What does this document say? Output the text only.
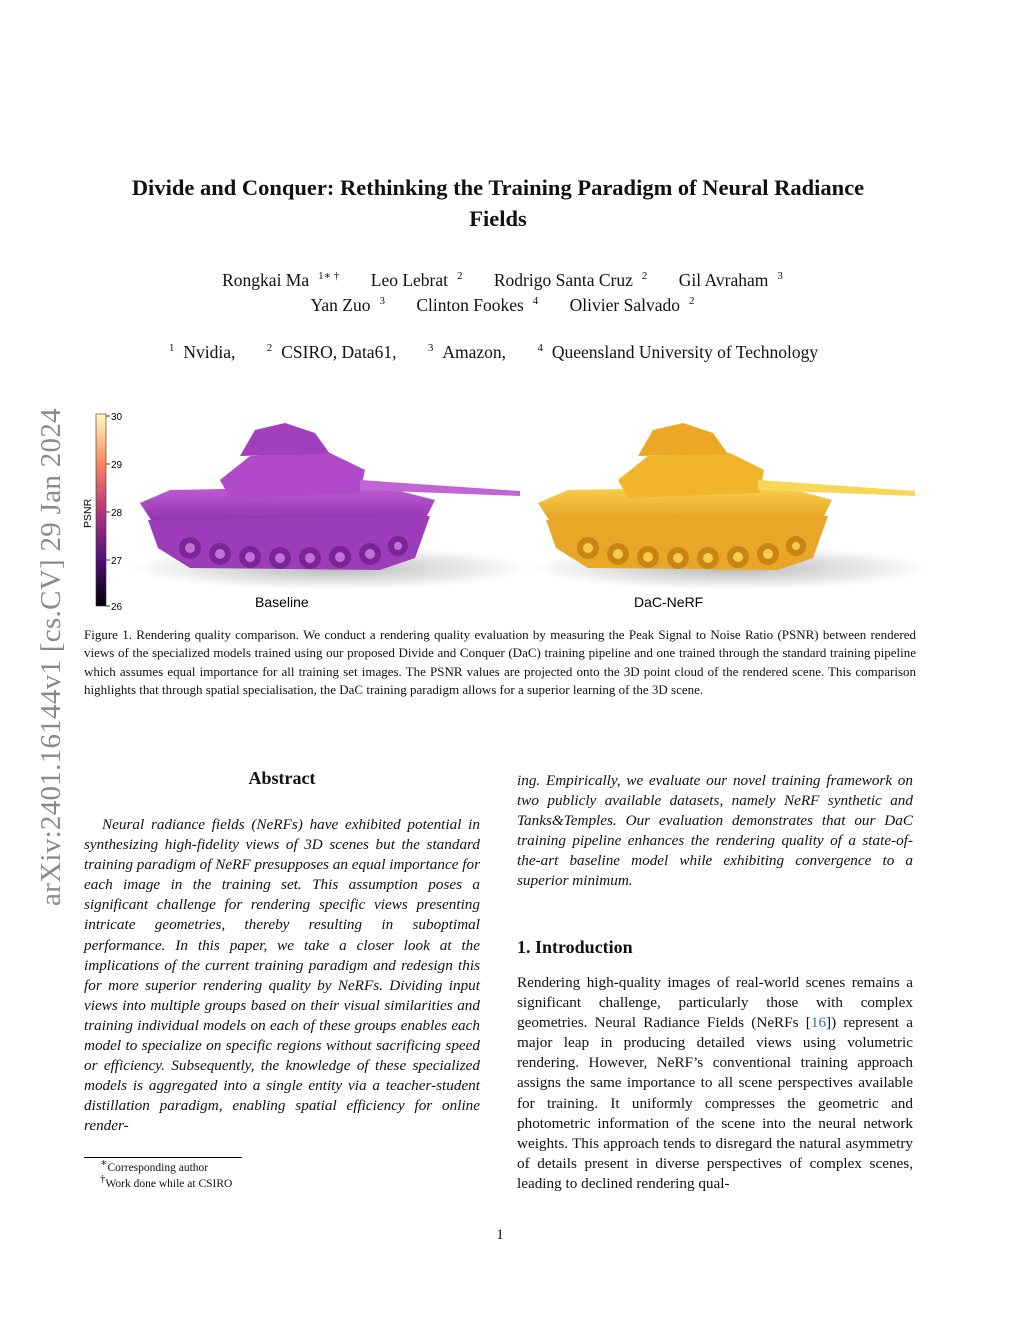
arXiv:2401.16144v1 [cs.CV] 29 Jan 2024
Divide and Conquer: Rethinking the Training Paradigm of Neural Radiance
Fields
Rongkai Ma $^{1∗ \dagger}$ Leo Lebrat $^2$ Rodrigo Santa Cruz $^2$ Gil Avraham $^3$
Yan Zuo $^3$ Clinton Fookes $^4$ Olivier Salvado $^2$
$^1$ Nvidia,	$^2$ CSIRO, Data61,	$^3$ Amazon,	$^4$ Queensland University of Technology
30
29
28
27
26
PSNR
Baseline	DaC-NeRF
Figure 1. Rendering quality comparison. We conduct a rendering quality evaluation by measuring the Peak Signal to Noise Ratio (PSNR) between rendered views of the specialized models trained using our proposed Divide and Conquer (DaC) training pipeline and one trained through the standard training pipeline which assumes equal importance for all training set images. The PSNR values are projected onto the 3D point cloud of the rendered scene. This comparison highlights that through spatial specialisation, the DaC training paradigm allows for a superior learning of the 3D scene.
Abstract
Neural radiance fields (NeRFs) have exhibited potential in synthesizing high-fidelity views of 3D scenes but the standard training paradigm of NeRF presupposes an equal importance for each image in the training set. This assumption poses a significant challenge for rendering specific views presenting intricate geometries, thereby resulting in suboptimal performance. In this paper, we take a closer look at the implications of the current training paradigm and redesign this for more superior rendering quality by NeRFs. Dividing input views into multiple groups based on their visual similarities and training individual models on each of these groups enables each model to specialize on specific regions without sacrificing speed or efficiency. Subsequently, the knowledge of these specialized models is aggregated into a single entity via a teacher-student distillation paradigm, enabling spatial efficiency for online render-
ing. Empirically, we evaluate our novel training framework on two publicly available datasets, namely NeRF synthetic and Tanks&Temples. Our evaluation demonstrates that our DaC training pipeline enhances the rendering quality of a state-of-the-art baseline model while exhibiting convergence to a superior minimum.
1. Introduction
Rendering high-quality images of real-world scenes remains a significant challenge, particularly those with complex geometries. Neural Radiance Fields (NeRFs [16]) represent a major leap in producing detailed views using volumetric rendering. However, NeRF’s conventional training approach assigns the same importance to all scene perspectives available for training. It uniformly compresses the geometric and photometric information of the scene into the neural network weights. This approach tends to disregard the natural asymmetry of details present in diverse perspectives of complex scenes, leading to declined rendering qual-
∗Corresponding author
†Work done while at CSIRO
1
